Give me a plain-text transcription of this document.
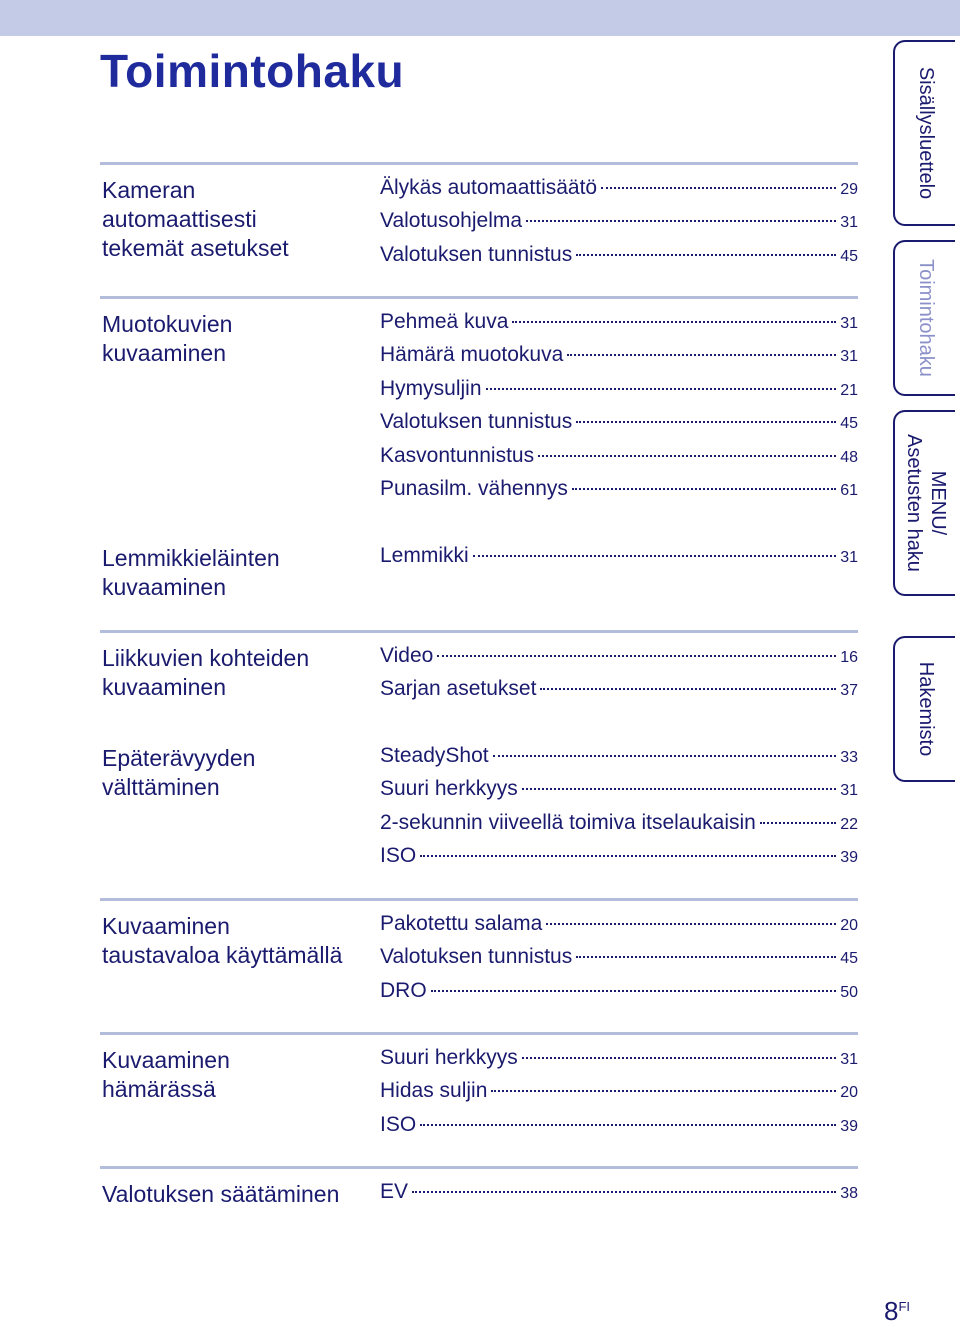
Toimintohaku
Kameran
automaattisesti
tekemät asetukset
Älykäs automaattisäätö	29
Valotusohjelma	31
Valotuksen tunnistus	45
Muotokuvien
kuvaaminen
Pehmeä kuva	31
Hämärä muotokuva	31
Hymysuljin	21
Valotuksen tunnistus	45
Kasvontunnistus	48
Punasilm. vähennys	61
Lemmikkieläinten
kuvaaminen
Lemmikki	31
Liikkuvien kohteiden
kuvaaminen
Video	16
Sarjan asetukset	37
Epäterävyyden
välttäminen
SteadyShot	33
Suuri herkkyys	31
2-sekunnin viiveellä toimiva itselaukaisin	22
ISO	39
Kuvaaminen
taustavaloa käyttämällä
Pakotettu salama	20
Valotuksen tunnistus	45
DRO	50
Kuvaaminen
hämärässä
Suuri herkkyys	31
Hidas suljin	20
ISO	39
Valotuksen säätäminen	EV	38
Sisällysluettelo
Toimintohaku
MENU/
Asetusten haku
Hakemisto
$8^{FI}$
